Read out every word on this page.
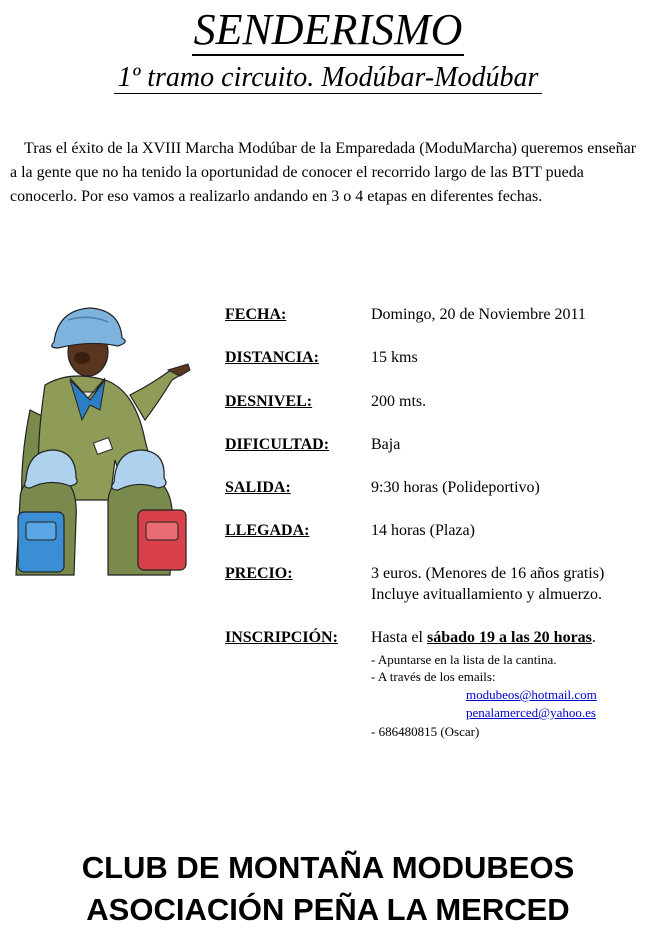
SENDERISMO
1º tramo circuito. Modúbar-Modúbar
Tras el éxito de la XVIII Marcha Modúbar de la Emparedada (ModuMarcha) queremos enseñar a la gente que no ha tenido la oportunidad de conocer el recorrido largo de las BTT pueda conocerlo. Por eso vamos a realizarlo andando en 3 o 4 etapas en diferentes fechas.
FECHA:	Domingo, 20 de Noviembre 2011
DISTANCIA:	15 kms
DESNIVEL:	200 mts.
DIFICULTAD:	Baja
SALIDA:	9:30 horas (Polideportivo)
LLEGADA:	14 horas (Plaza)
PRECIO:	3 euros. (Menores de 16 años gratis)
Incluye avituallamiento y almuerzo.
INSCRIPCIÓN: Hasta el sábado 19 a las 20 horas.
- Apuntarse en la lista de la cantina.
- A través de los emails:
modubeos@hotmail.com
penalamerced@yahoo.es
- 686480815 (Oscar)
CLUB DE MONTAÑA MODUBEOS
ASOCIACIÓN PEÑA LA MERCED
